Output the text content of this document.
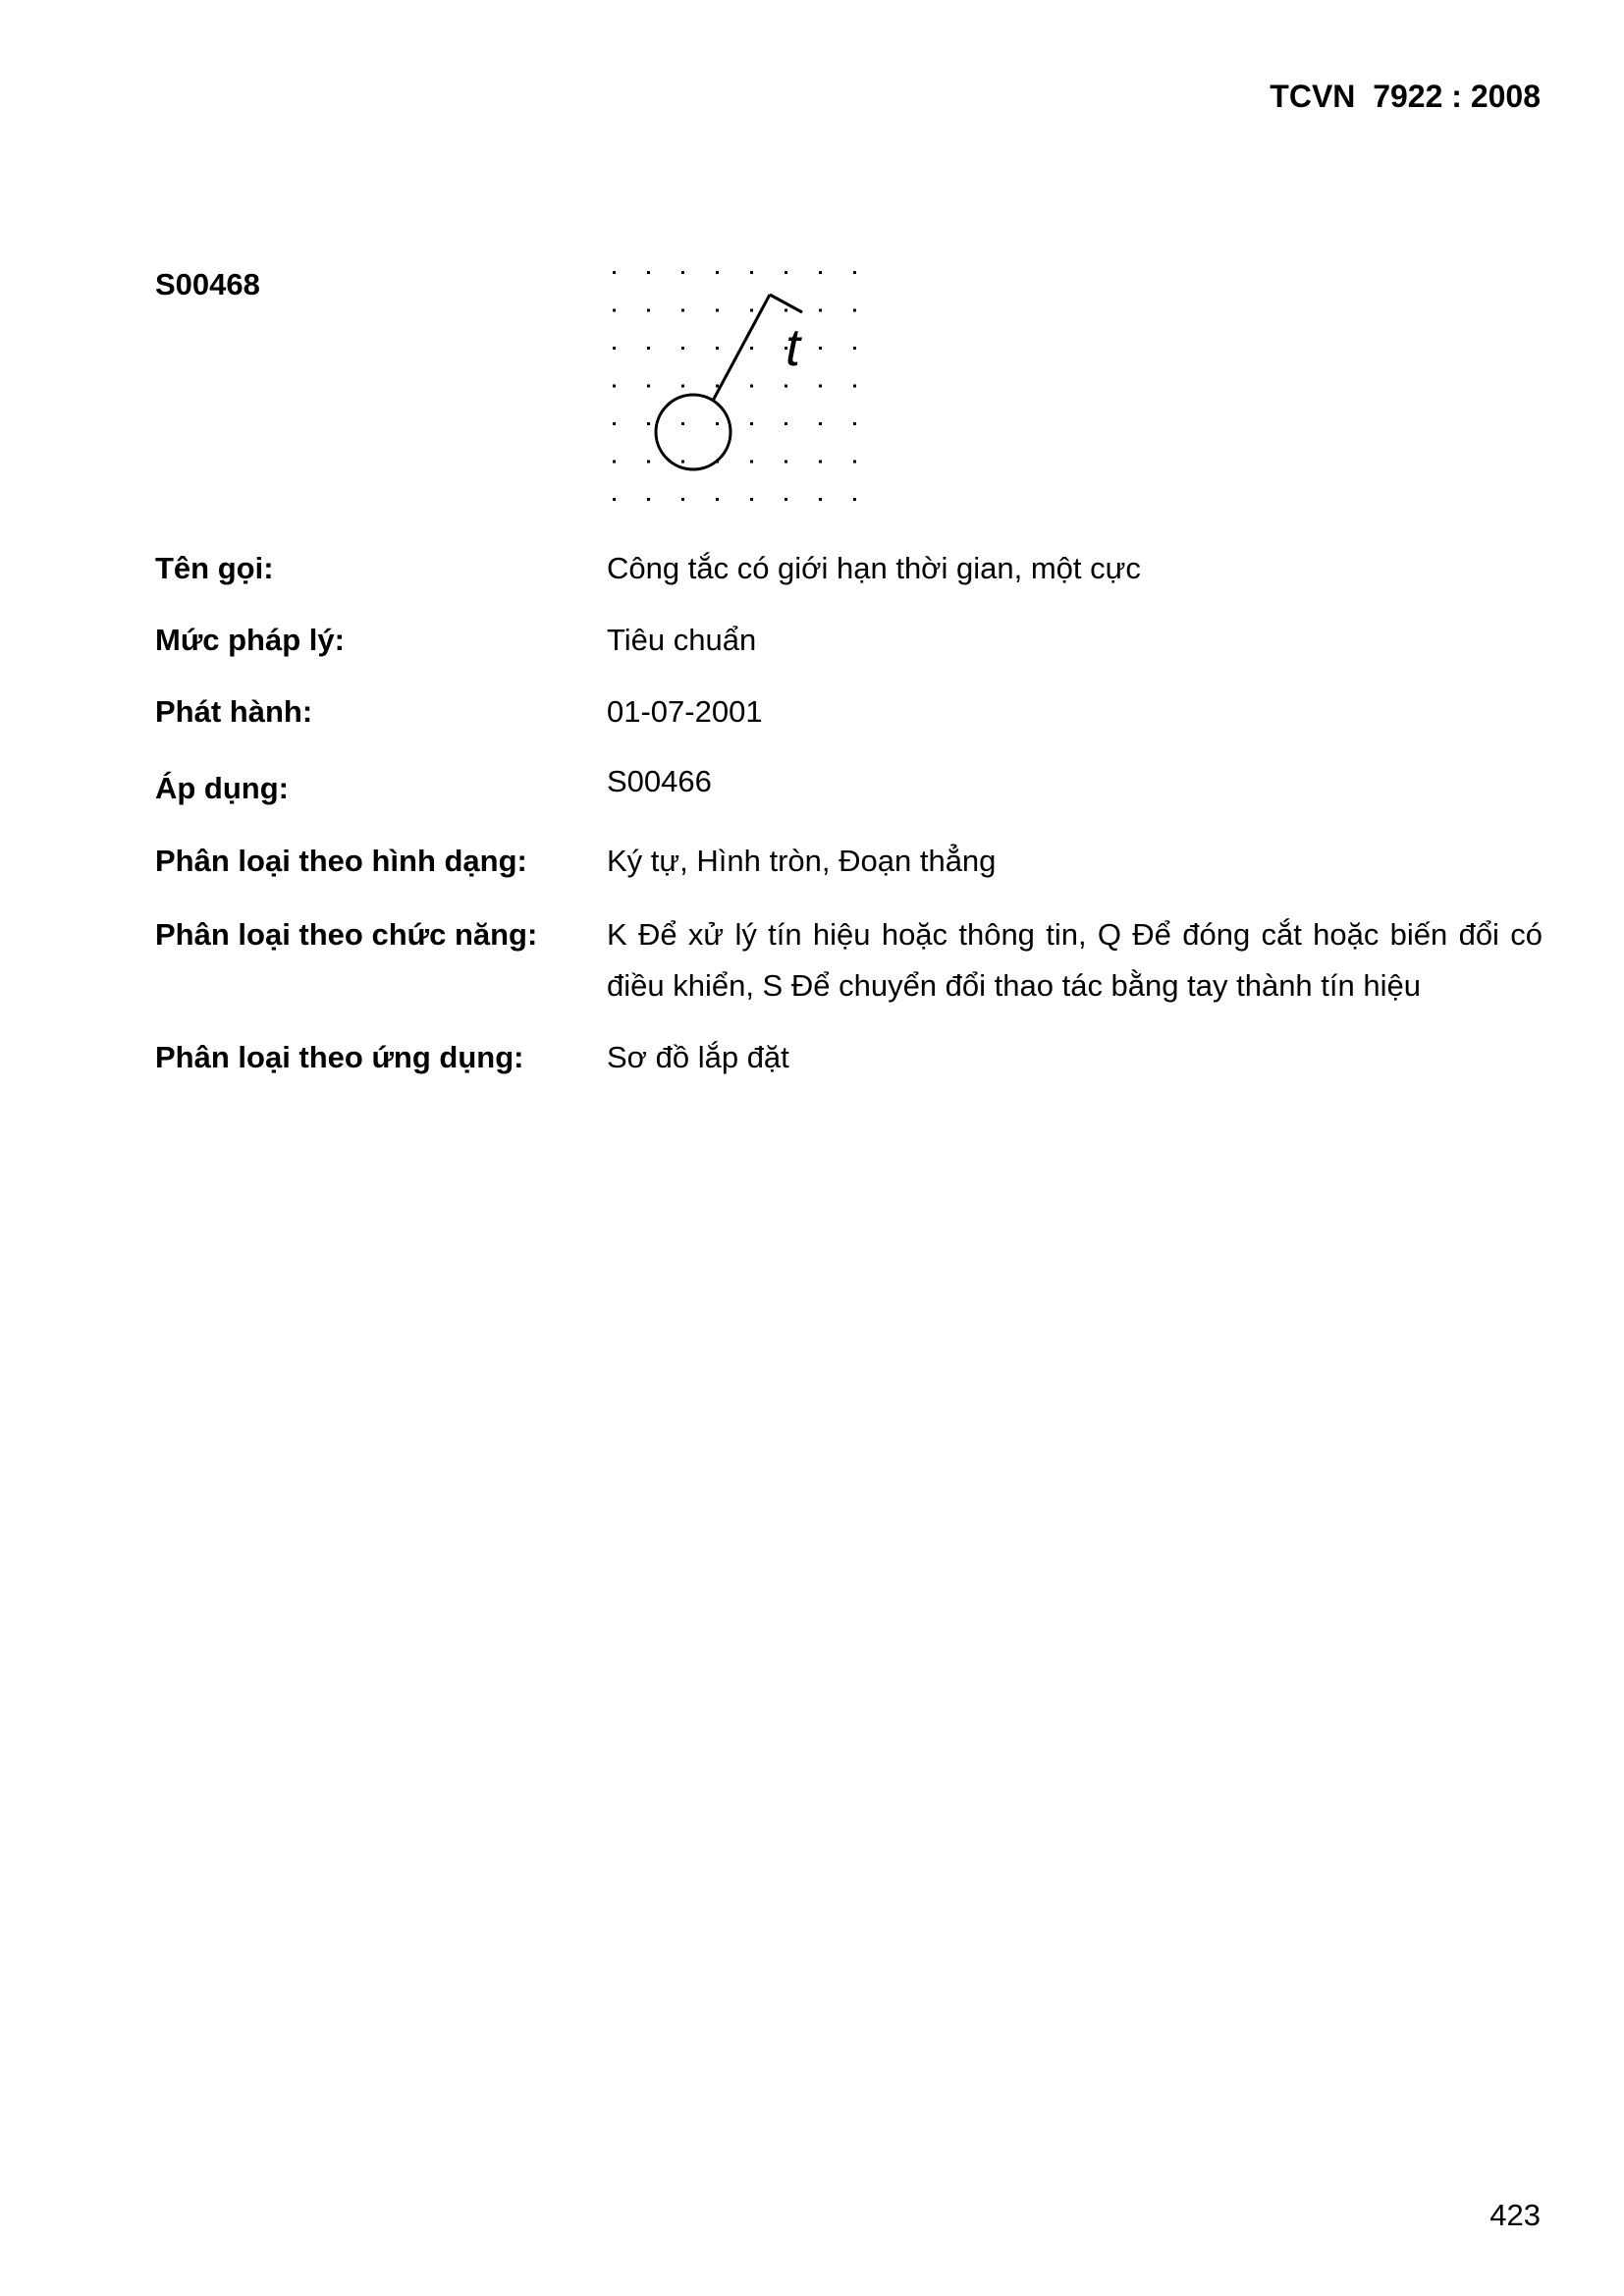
TCVN  7922 : 2008
S00468
t
Tên gọi:	Công tắc có giới hạn thời gian, một cực
Mức pháp lý:	Tiêu chuẩn
Phát hành:	01-07-2001
Áp dụng:	S00466
Phân loại theo hình dạng:	Ký tự, Hình tròn, Đoạn thẳng
Phân loại theo chức năng:	K Để xử lý tín hiệu hoặc thông tin, Q Để đóng cắt hoặc biến đổi có điều khiển, S Để chuyển đổi thao tác bằng tay thành tín hiệu
Phân loại theo ứng dụng:	Sơ đồ lắp đặt
423
